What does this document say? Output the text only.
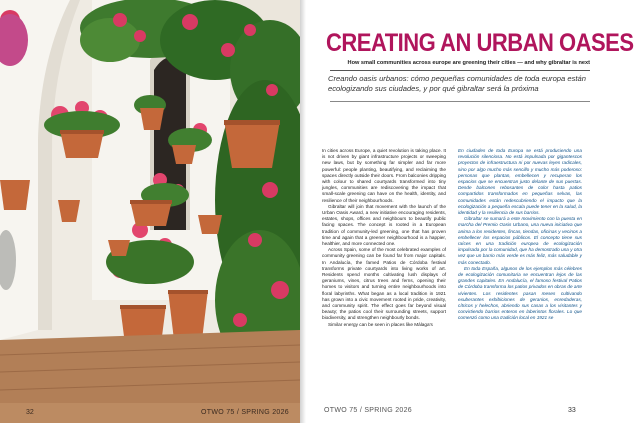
32	OTWO 75 / SPRING 2026
CREATING AN URBAN OASES
How small communities across europe are greening their cities — and why gibraltar is next
Creando oasis urbanos: cómo pequeñas comunidades de toda europa están ecologizando sus ciudades, y por qué gibraltar será la próxima

In cities across Europe, a quiet revolution is taking place. It is not driven by giant infrastructure projects or sweeping new laws, but by something far simpler and far more powerful: people planting, beautifying, and reclaiming the spaces directly outside their doors. From balconies dripping with colour to shared courtyards transformed into tiny jungles, communities are rediscovering the impact that small-scale greening can have on the health, identity, and resilience of their neighbourhoods.

Gibraltar will join that movement with the launch of the Urban Oasis Award, a new initiative encouraging residents, estates, shops, offices and neighbours to beautify public facing spaces. The concept is rooted in a European tradition of community-led greening, one that has proven time and again that a greener neighbourhood is a happier, healthier, and more connected one.

Across Spain, some of the most celebrated examples of community greening can be found far from major capitals. In Andalucía, the famed Patios de Córdoba festival transforms private courtyards into living works of art. Residents spend months cultivating lush displays of geraniums, vines, citrus trees and ferns, opening their homes to visitors and turning entire neighbourhoods into floral labyrinths. What began as a local tradition in 1921 has grown into a civic movement rooted in pride, creativity, and community spirit. The effect goes far beyond visual beauty; the patios cool their surrounding streets, support biodiversity, and strengthen neighbourly bonds.

Similar energy can be seen in places like Málaga's

En ciudades de toda Europa se está produciendo una revolución silenciosa. No está impulsada por gigantescos proyectos de infraestructura ni por nuevas leyes radicales, sino por algo mucho más sencillo y mucho más poderoso: personas que plantan, embellecen y recuperan los espacios que se encuentran justo delante de sus puertas. Desde balcones rebosantes de color hasta patios compartidos transformados en pequeñas selvas, las comunidades están redescubriendo el impacto que la ecologización a pequeña escala puede tener en la salud, la identidad y la resiliencia de sus barrios.

Gibraltar se sumará a este movimiento con la puesta en marcha del Premio Oasis Urbano, una nueva iniciativa que anima a los residentes, fincas, tiendas, oficinas y vecinos a embellecer los espacios públicos. El concepto tiene sus raíces en una tradición europea de ecologización impulsada por la comunidad, que ha demostrado una y otra vez que un barrio más verde es más feliz, más saludable y más conectado.

En toda España, algunos de los ejemplos más célebres de ecologización comunitaria se encuentran lejos de las grandes capitales. En Andalucía, el famoso festival Patios de Córdoba transforma los patios privados en obras de arte vivientes. Los residentes pasan meses cultivando exuberantes exhibiciones de geranios, enredaderas, cítricos y helechos, abriendo sus casas a los visitantes y convirtiendo barrios enteros en laberintos florales. Lo que comenzó como una tradición local en 1921 se

OTWO 75 / SPRING 2026	33
